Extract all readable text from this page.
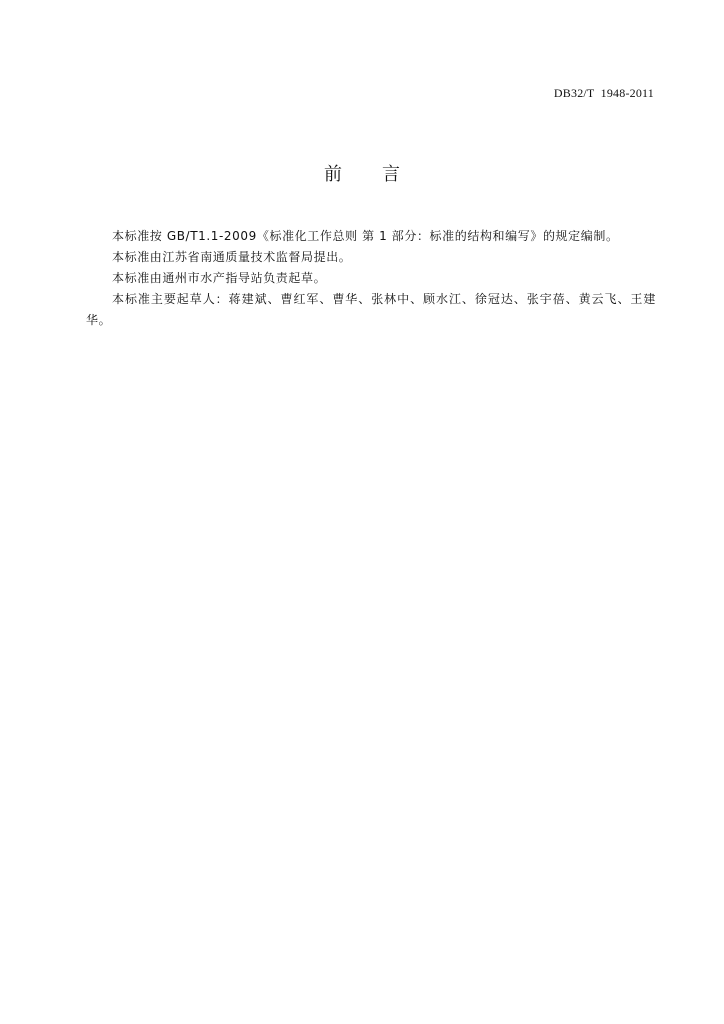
DB32/T  1948-2011
前 言

本标准按 GB/T1.1-2009《标准化工作总则 第 1 部分：标准的结构和编写》的规定编制。

本标准由江苏省南通质量技术监督局提出。

本标准由通州市水产指导站负责起草。

本标准主要起草人：蒋建斌、曹红军、曹华、张林中、顾水江、徐冠达、张宇蓓、黄云飞、王建华。
